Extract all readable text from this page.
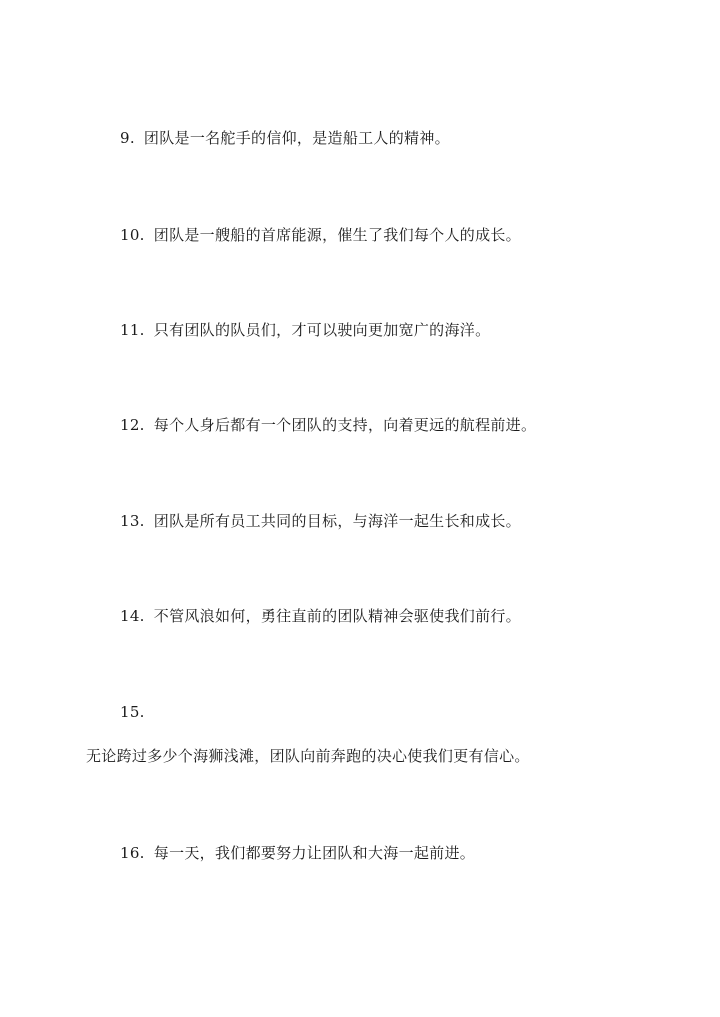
9. 团队是一名舵手的信仰，是造船工人的精神。
10. 团队是一艘船的首席能源，催生了我们每个人的成长。
11. 只有团队的队员们，才可以驶向更加宽广的海洋。
12. 每个人身后都有一个团队的支持，向着更远的航程前进。
13. 团队是所有员工共同的目标，与海洋一起生长和成长。
14. 不管风浪如何，勇往直前的团队精神会驱使我们前行。
15.
无论跨过多少个海狮浅滩，团队向前奔跑的决心使我们更有信心。
16. 每一天，我们都要努力让团队和大海一起前进。
